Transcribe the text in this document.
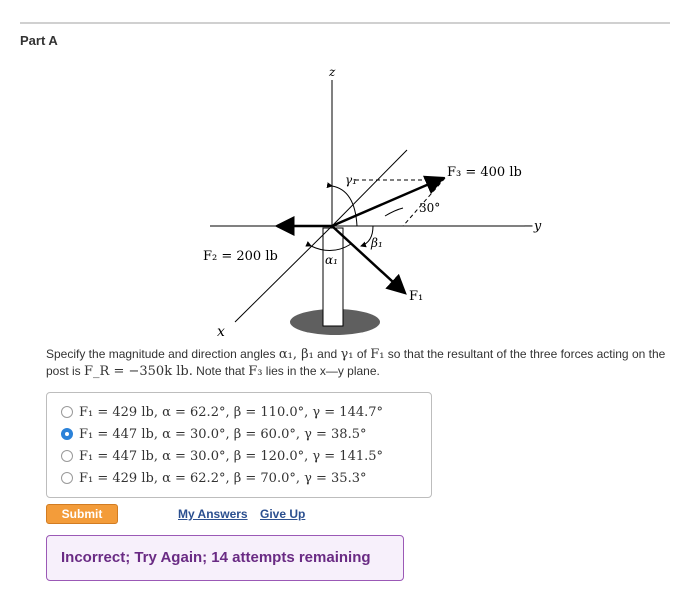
Part A
z
−y
x
F₃ = 400 lb
F₂ = 200 lb
F₁
30°
γ₁
β₁
α₁
Specify the magnitude and direction angles α₁, β₁ and γ₁ of F₁ so that the resultant of the three forces acting on the post is F_R = −350k lb. Note that F₃ lies in the x—y plane.
F₁ = 429 lb, α = 62.2°, β = 110.0°, γ = 144.7°
F₁ = 447 lb, α = 30.0°, β = 60.0°, γ = 38.5°
F₁ = 447 lb, α = 30.0°, β = 120.0°, γ = 141.5°
F₁ = 429 lb, α = 62.2°, β = 70.0°, γ = 35.3°
Submit	My Answers Give Up
Incorrect; Try Again; 14 attempts remaining
